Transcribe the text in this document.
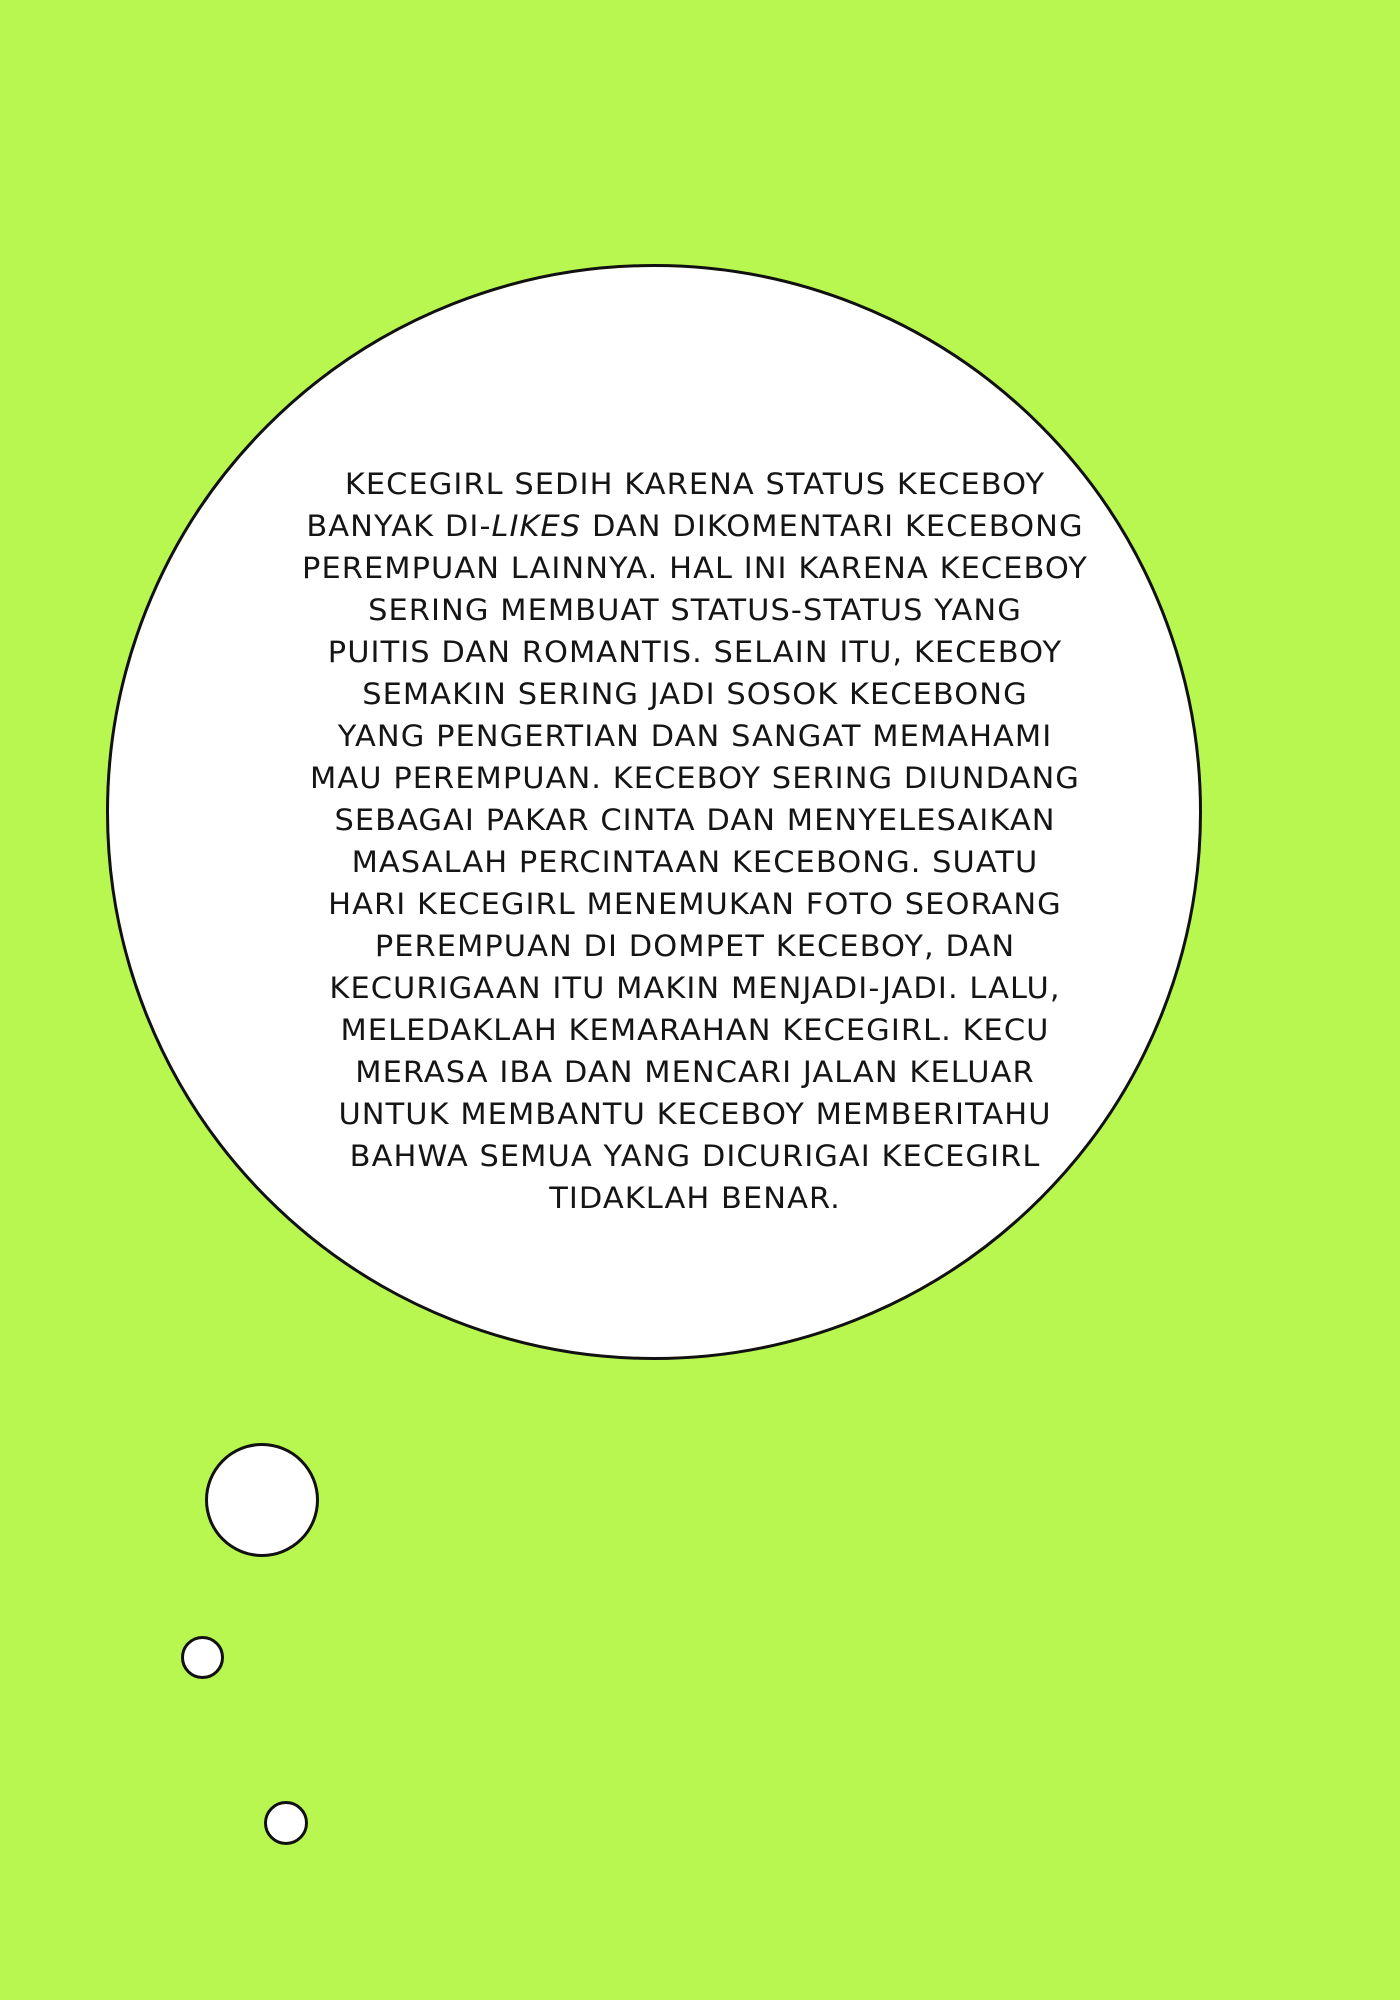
KECEGIRL SEDIH KARENA STATUS KECEBOY
BANYAK DI-LIKES DAN DIKOMENTARI KECEBONG
PEREMPUAN LAINNYA. HAL INI KARENA KECEBOY
SERING MEMBUAT STATUS-STATUS YANG
PUITIS DAN ROMANTIS. SELAIN ITU, KECEBOY
SEMAKIN SERING JADI SOSOK KECEBONG
YANG PENGERTIAN DAN SANGAT MEMAHAMI
MAU PEREMPUAN. KECEBOY SERING DIUNDANG
SEBAGAI PAKAR CINTA DAN MENYELESAIKAN
MASALAH PERCINTAAN KECEBONG. SUATU
HARI KECEGIRL MENEMUKAN FOTO SEORANG
PEREMPUAN DI DOMPET KECEBOY, DAN
KECURIGAAN ITU MAKIN MENJADI-JADI. LALU,
MELEDAKLAH KEMARAHAN KECEGIRL. KECU
MERASA IBA DAN MENCARI JALAN KELUAR
UNTUK MEMBANTU KECEBOY MEMBERITAHU
BAHWA SEMUA YANG DICURIGAI KECEGIRL
TIDAKLAH BENAR.
